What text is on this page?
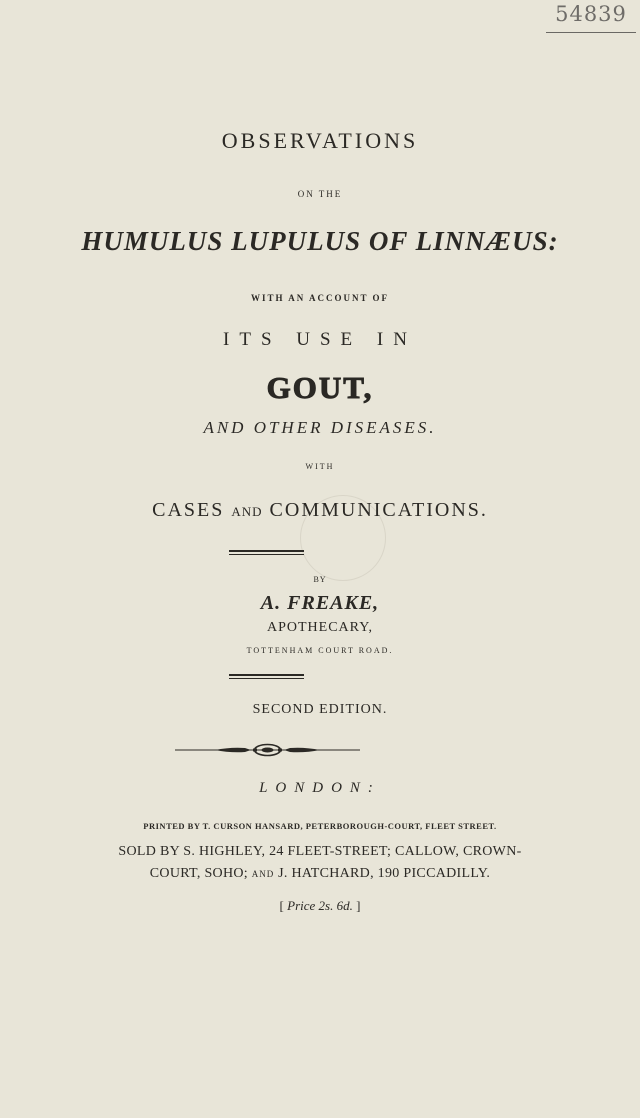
54839
OBSERVATIONS
ON THE
HUMULUS LUPULUS OF LINNÆUS:
WITH AN ACCOUNT OF
ITS USE IN
GOUT,
AND OTHER DISEASES.
WITH
CASES AND COMMUNICATIONS.
BY
A. FREAKE,
APOTHECARY,
TOTTENHAM COURT ROAD.
SECOND EDITION.
LONDON:
PRINTED BY T. CURSON HANSARD, PETERBOROUGH-COURT, FLEET STREET.
SOLD BY S. HIGHLEY, 24 FLEET-STREET; CALLOW, CROWN-
COURT, SOHO; AND J. HATCHARD, 190 PICCADILLY.
[ Price 2s. 6d. ]
